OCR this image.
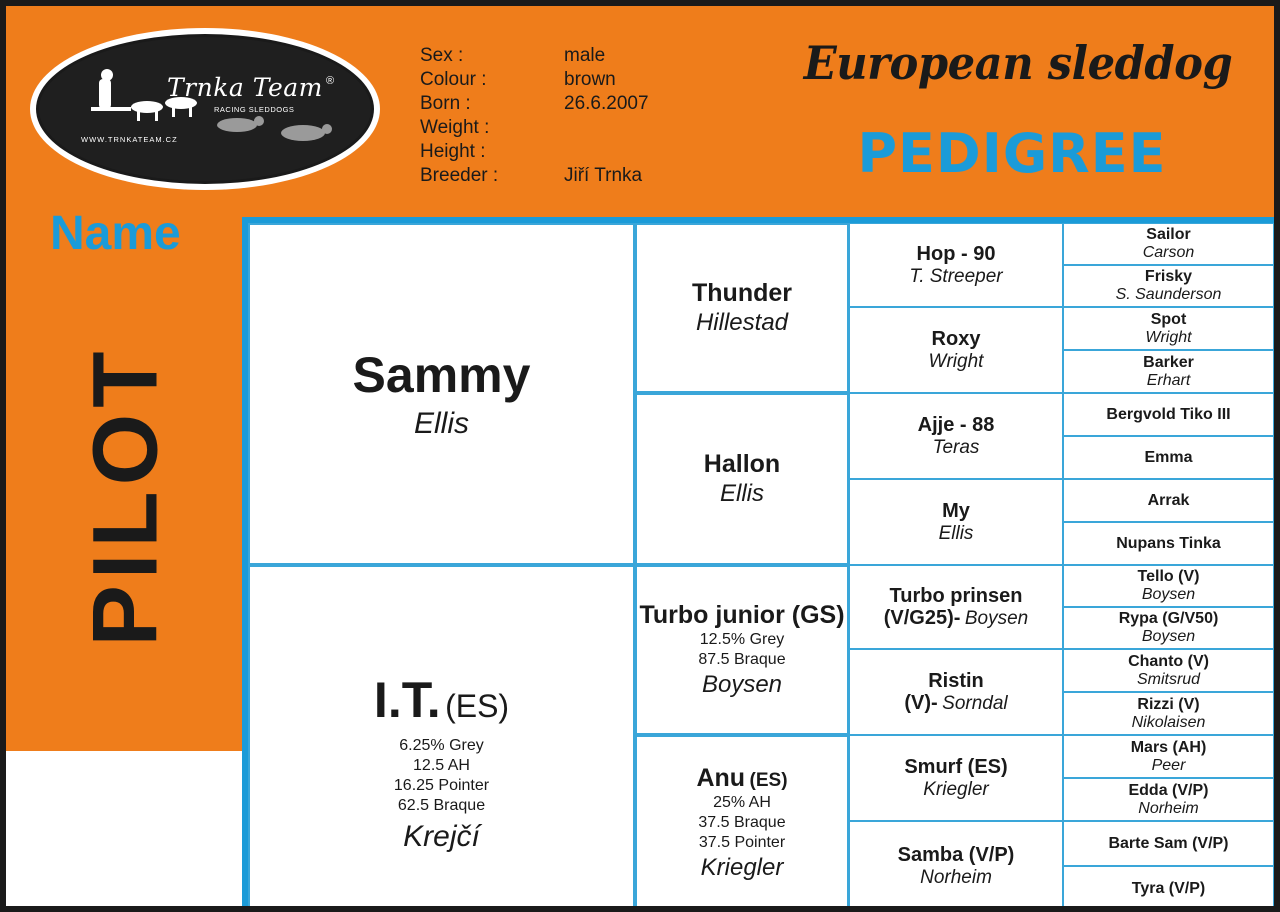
Trnka Team ®
RACING SLEDDOGS
WWW.TRNKATEAM.CZ
Sex :	male
Colour :	brown
Born :	26.6.2007
Weight :
Height :
Breeder :	Jiří Trnka
European sleddog
PEDIGREE
Name
PILOT	Sammy
Ellis
I.T. (ES)
6.25% Grey
12.5 AH
16.25 Pointer
62.5 Braque
Krejčí
Thunder
Hillestad
Hallon
Ellis
Turbo junior (GS)
12.5% Grey
87.5 Braque
Boysen
Anu (ES)
25% AH
37.5 Braque
37.5 Pointer
Kriegler
Hop - 90
T. Streeper
Roxy
Wright
Ajje - 88
Teras
My
Ellis
Turbo prinsen
(V/G25)- Boysen
Ristin
(V)- Sorndal
Smurf (ES)
Kriegler
Samba (V/P)
Norheim
Sailor
Carson
Frisky
S. Saunderson
Spot
Wright
Barker
Erhart
Bergvold Tiko III
Emma
Arrak
Nupans Tinka
Tello (V)
Boysen
Rypa (G/V50)
Boysen
Chanto (V)
Smitsrud
Rizzi (V)
Nikolaisen
Mars (AH)
Peer
Edda (V/P)
Norheim
Barte Sam (V/P)
Tyra (V/P)
